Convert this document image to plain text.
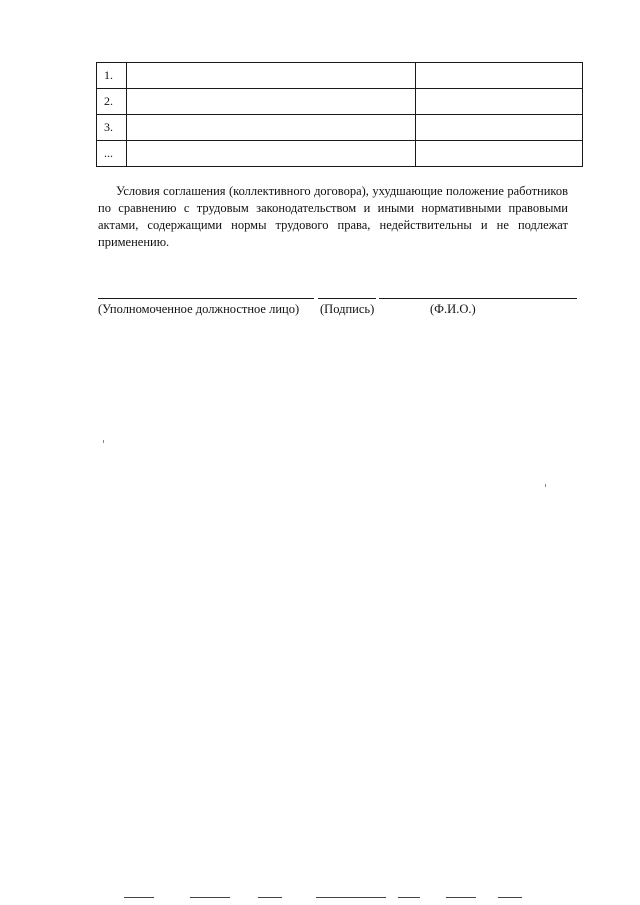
1.		
2.		
3.		
...		

Условия соглашения (коллективного договора), ухудшающие положение работников по сравнению с трудовым законодательством и иными нормативными правовыми актами, содержащими нормы трудового права, недействительны и не подлежат применению.

(Уполномоченное должностное лицо) (Подпись)	(Ф.И.О.)
